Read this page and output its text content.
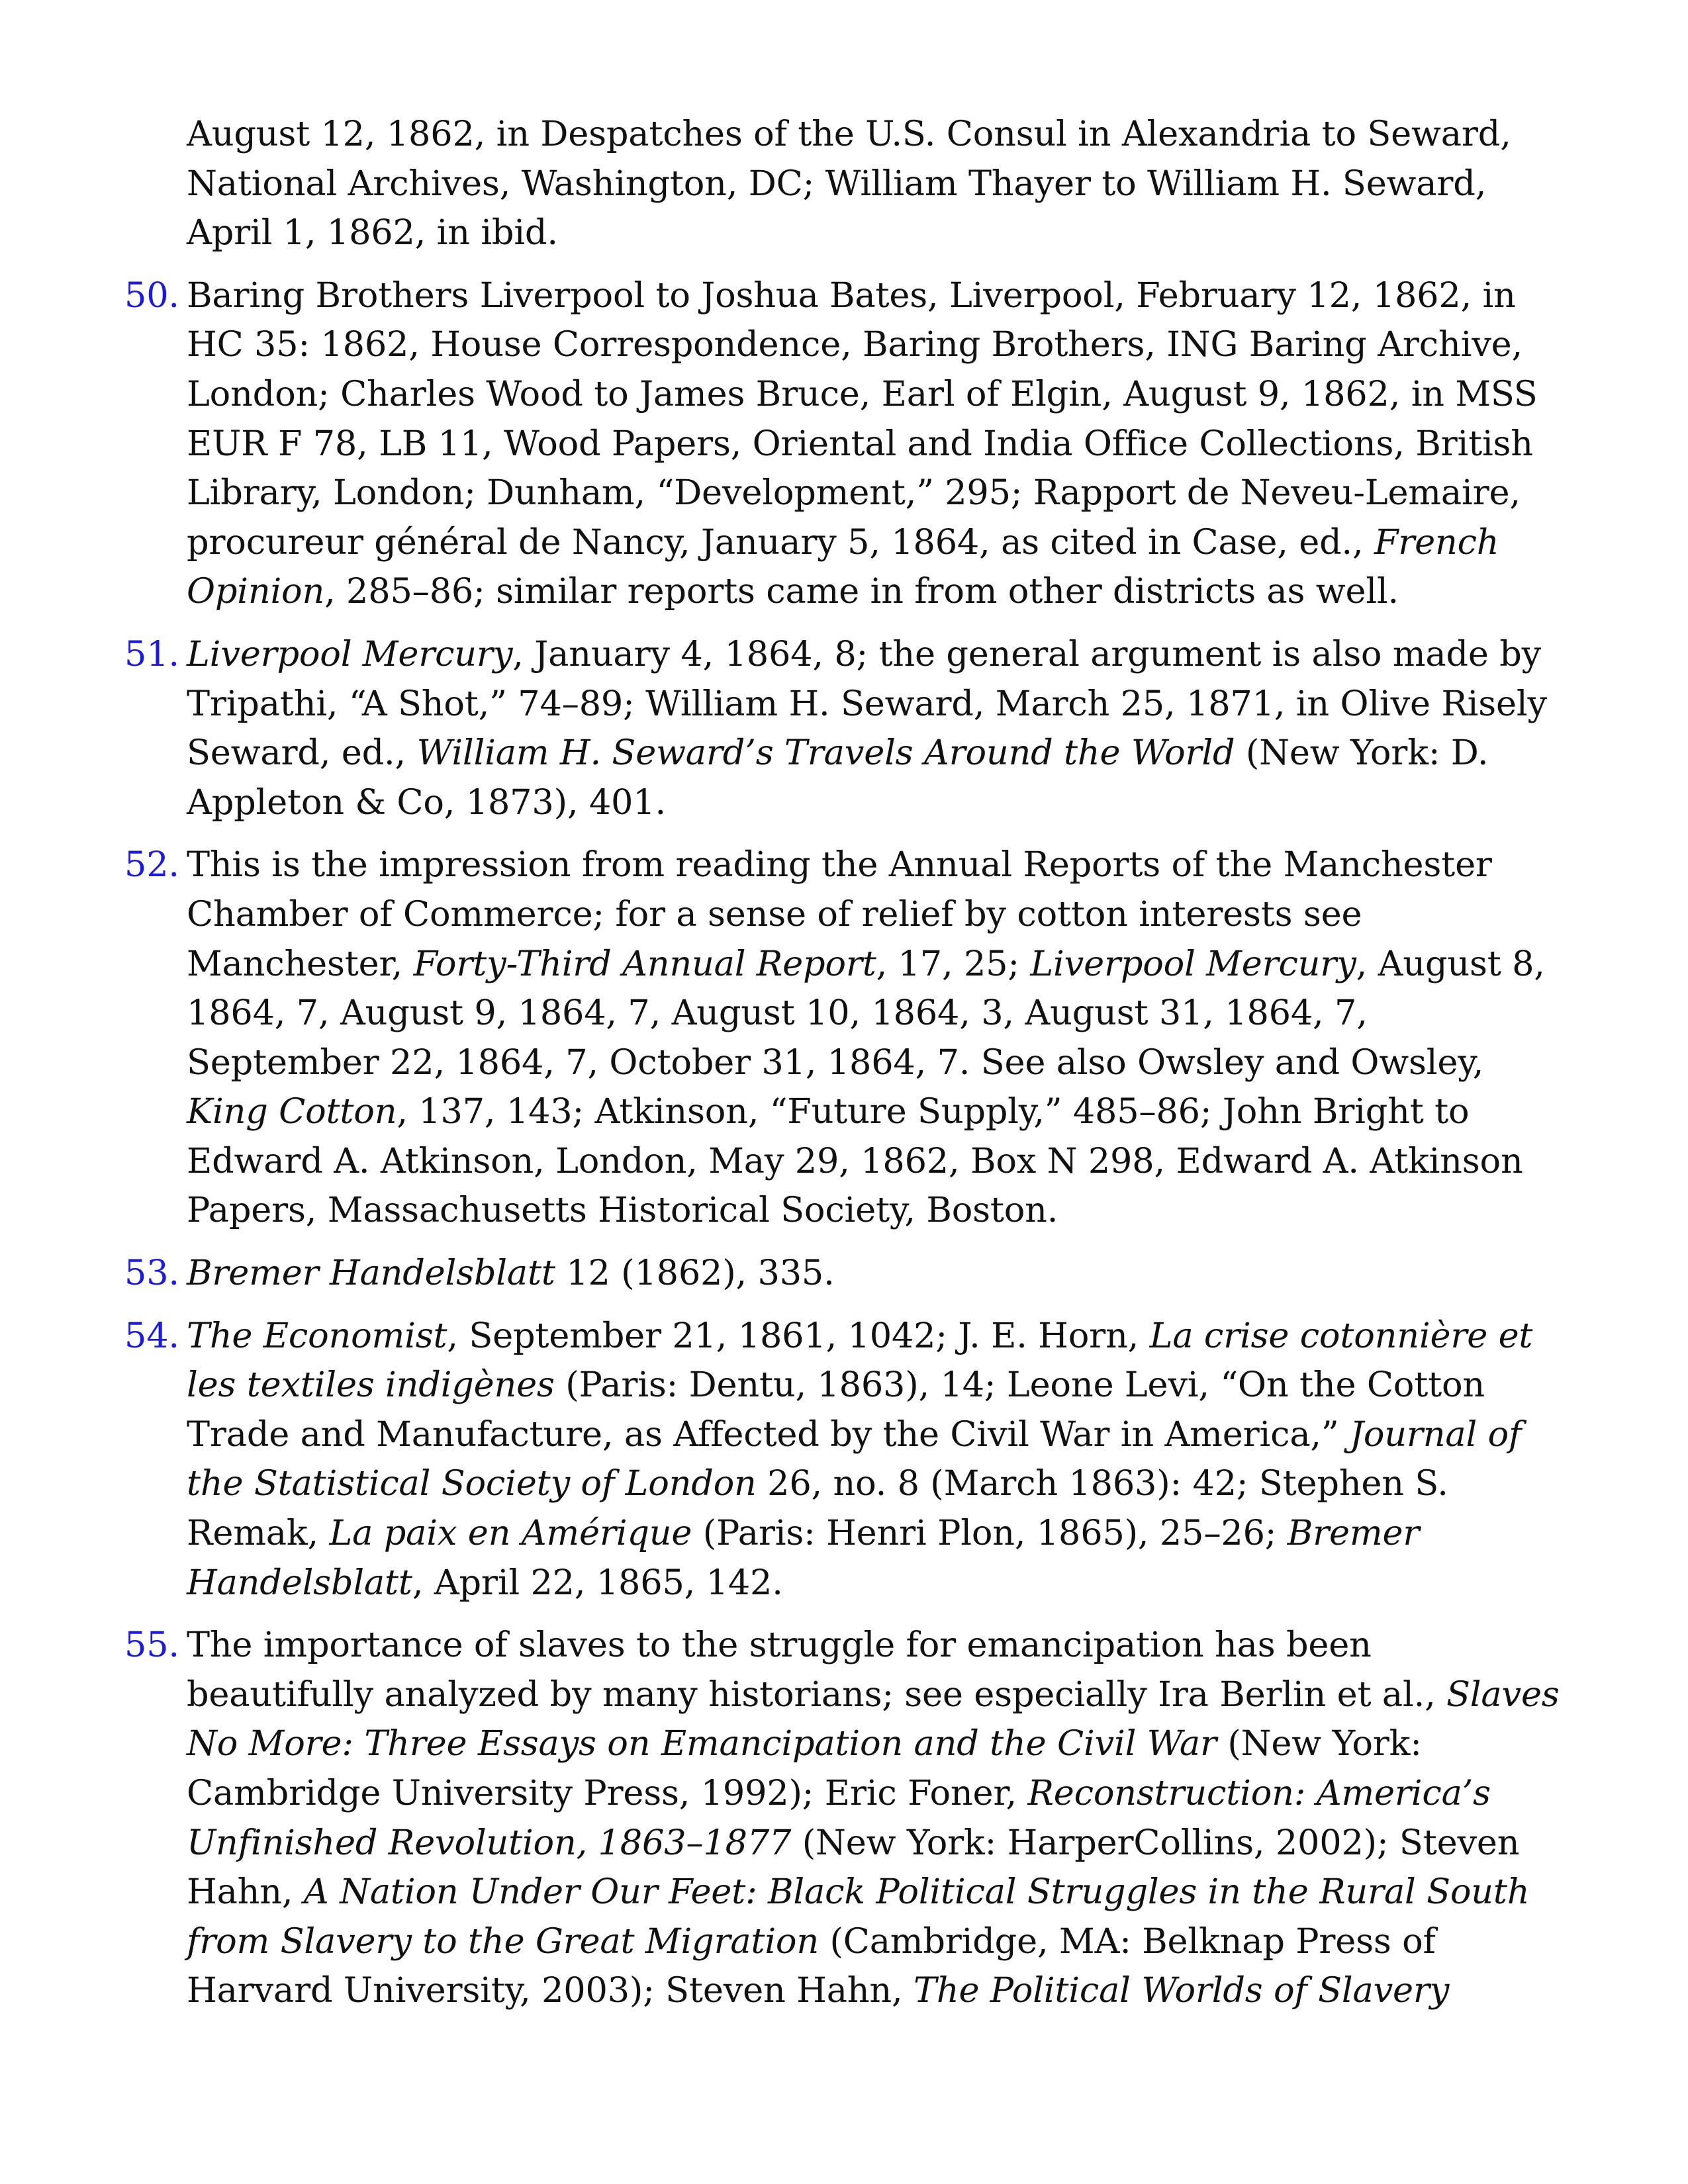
August 12, 1862, in Despatches of the U.S. Consul in Alexandria to Seward, National Archives, Washington, DC; William Thayer to William H. Seward, April 1, 1862, in ibid.
50. Baring Brothers Liverpool to Joshua Bates, Liverpool, February 12, 1862, in HC 35: 1862, House Correspondence, Baring Brothers, ING Baring Archive, London; Charles Wood to James Bruce, Earl of Elgin, August 9, 1862, in MSS EUR F 78, LB 11, Wood Papers, Oriental and India Office Collections, British Library, London; Dunham, “Development,” 295; Rapport de Neveu-Lemaire, procureur général de Nancy, January 5, 1864, as cited in Case, ed., French Opinion, 285–86; similar reports came in from other districts as well.
51. Liverpool Mercury, January 4, 1864, 8; the general argument is also made by Tripathi, “A Shot,” 74–89; William H. Seward, March 25, 1871, in Olive Risely Seward, ed., William H. Seward’s Travels Around the World (New York: D. Appleton & Co, 1873), 401.
52. This is the impression from reading the Annual Reports of the Manchester Chamber of Commerce; for a sense of relief by cotton interests see Manchester, Forty-Third Annual Report, 17, 25; Liverpool Mercury, August 8, 1864, 7, August 9, 1864, 7, August 10, 1864, 3, August 31, 1864, 7, September 22, 1864, 7, October 31, 1864, 7. See also Owsley and Owsley, King Cotton, 137, 143; Atkinson, “Future Supply,” 485–86; John Bright to Edward A. Atkinson, London, May 29, 1862, Box N 298, Edward A. Atkinson Papers, Massachusetts Historical Society, Boston.
53. Bremer Handelsblatt 12 (1862), 335.
54. The Economist, September 21, 1861, 1042; J. E. Horn, La crise cotonnière et les textiles indigènes (Paris: Dentu, 1863), 14; Leone Levi, “On the Cotton Trade and Manufacture, as Affected by the Civil War in America,” Journal of the Statistical Society of London 26, no. 8 (March 1863): 42; Stephen S. Remak, La paix en Amérique (Paris: Henri Plon, 1865), 25–26; Bremer Handelsblatt, April 22, 1865, 142.
55. The importance of slaves to the struggle for emancipation has been beautifully analyzed by many historians; see especially Ira Berlin et al., Slaves No More: Three Essays on Emancipation and the Civil War (New York: Cambridge University Press, 1992); Eric Foner, Reconstruction: America’s Unfinished Revolution, 1863–1877 (New York: HarperCollins, 2002); Steven Hahn, A Nation Under Our Feet: Black Political Struggles in the Rural South from Slavery to the Great Migration (Cambridge, MA: Belknap Press of Harvard University, 2003); Steven Hahn, The Political Worlds of Slavery
